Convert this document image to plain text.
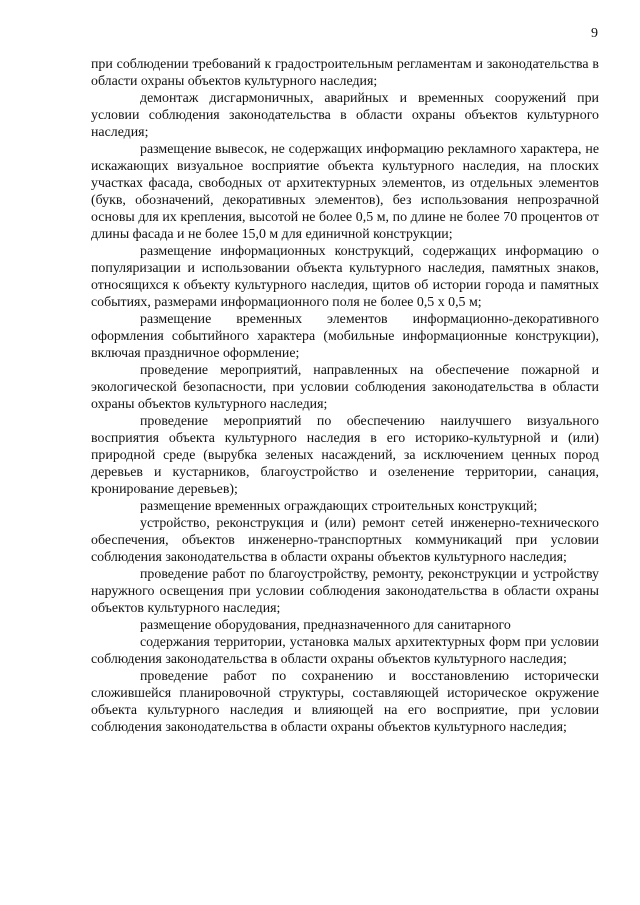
9

при соблюдении требований к градостроительным регламентам и законодательства в области охраны объектов культурного наследия;

демонтаж дисгармоничных, аварийных и временных сооружений при условии соблюдения законодательства в области охраны объектов культурного наследия;

размещение вывесок, не содержащих информацию рекламного характера, не искажающих визуальное восприятие объекта культурного наследия, на плоских участках фасада, свободных от архитектурных элементов, из отдельных элементов (букв, обозначений, декоративных элементов), без использования непрозрачной основы для их крепления, высотой не более 0,5 м, по длине не более 70 процентов от длины фасада и не более 15,0 м для единичной конструкции;

размещение информационных конструкций, содержащих информацию о популяризации и использовании объекта культурного наследия, памятных знаков, относящихся к объекту культурного наследия, щитов об истории города и памятных событиях, размерами информационного поля не более 0,5 х 0,5 м;

размещение временных элементов информационно-декоративного оформления событийного характера (мобильные информационные конструкции), включая праздничное оформление;

проведение мероприятий, направленных на обеспечение пожарной и экологической безопасности, при условии соблюдения законодательства в области охраны объектов культурного наследия;

проведение мероприятий по обеспечению наилучшего визуального восприятия объекта культурного наследия в его историко-культурной и (или) природной среде (вырубка зеленых насаждений, за исключением ценных пород деревьев и кустарников, благоустройство и озеленение территории, санация, кронирование деревьев);

размещение временных ограждающих строительных конструкций;

устройство, реконструкция и (или) ремонт сетей инженерно-технического обеспечения, объектов инженерно-транспортных коммуникаций при условии соблюдения законодательства в области охраны объектов культурного наследия;

проведение работ по благоустройству, ремонту, реконструкции и устройству наружного освещения при условии соблюдения законодательства в области охраны объектов культурного наследия;

размещение оборудования, предназначенного для санитарного

содержания территории, установка малых архитектурных форм при условии соблюдения законодательства в области охраны объектов культурного наследия;

проведение работ по сохранению и восстановлению исторически сложившейся планировочной структуры, составляющей историческое окружение объекта культурного наследия и влияющей на его восприятие, при условии соблюдения законодательства в области охраны объектов культурного наследия;
